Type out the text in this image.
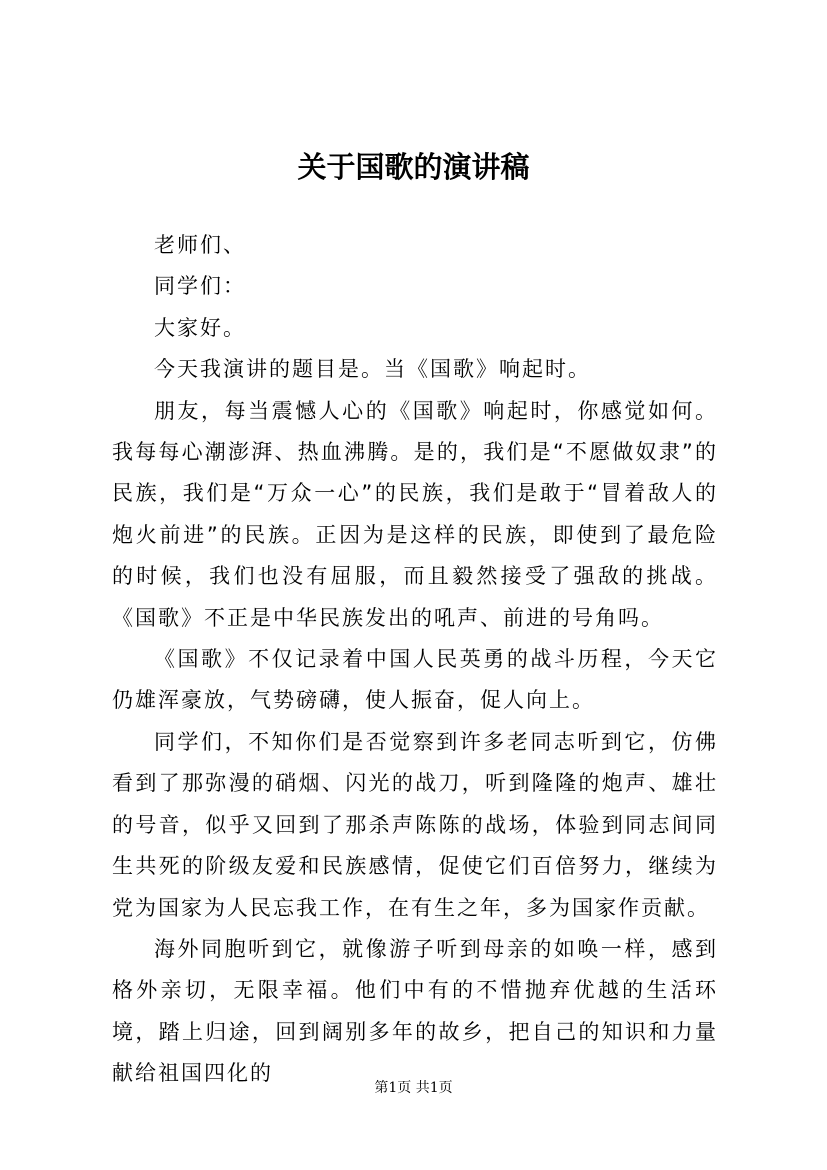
关于国歌的演讲稿

老师们、

同学们：

大家好。

今天我演讲的题目是。当《国歌》响起时。

朋友，每当震憾人心的《国歌》响起时，你感觉如何。我每每心潮澎湃、热血沸腾。是的，我们是“不愿做奴隶”的民族，我们是“万众一心”的民族，我们是敢于“冒着敌人的炮火前进”的民族。正因为是这样的民族，即使到了最危险的时候，我们也没有屈服，而且毅然接受了强敌的挑战。《国歌》不正是中华民族发出的吼声、前进的号角吗。

《国歌》不仅记录着中国人民英勇的战斗历程，今天它仍雄浑豪放，气势磅礴，使人振奋，促人向上。

同学们，不知你们是否觉察到许多老同志听到它，仿佛看到了那弥漫的硝烟、闪光的战刀，听到隆隆的炮声、雄壮的号音，似乎又回到了那杀声陈陈的战场，体验到同志间同生共死的阶级友爱和民族感情，促使它们百倍努力，继续为党为国家为人民忘我工作，在有生之年，多为国家作贡献。

海外同胞听到它，就像游子听到母亲的如唤一样，感到格外亲切，无限幸福。他们中有的不惜抛弃优越的生活环境，踏上归途，回到阔别多年的故乡，把自己的知识和力量献给祖国四化的

第1页 共1页
